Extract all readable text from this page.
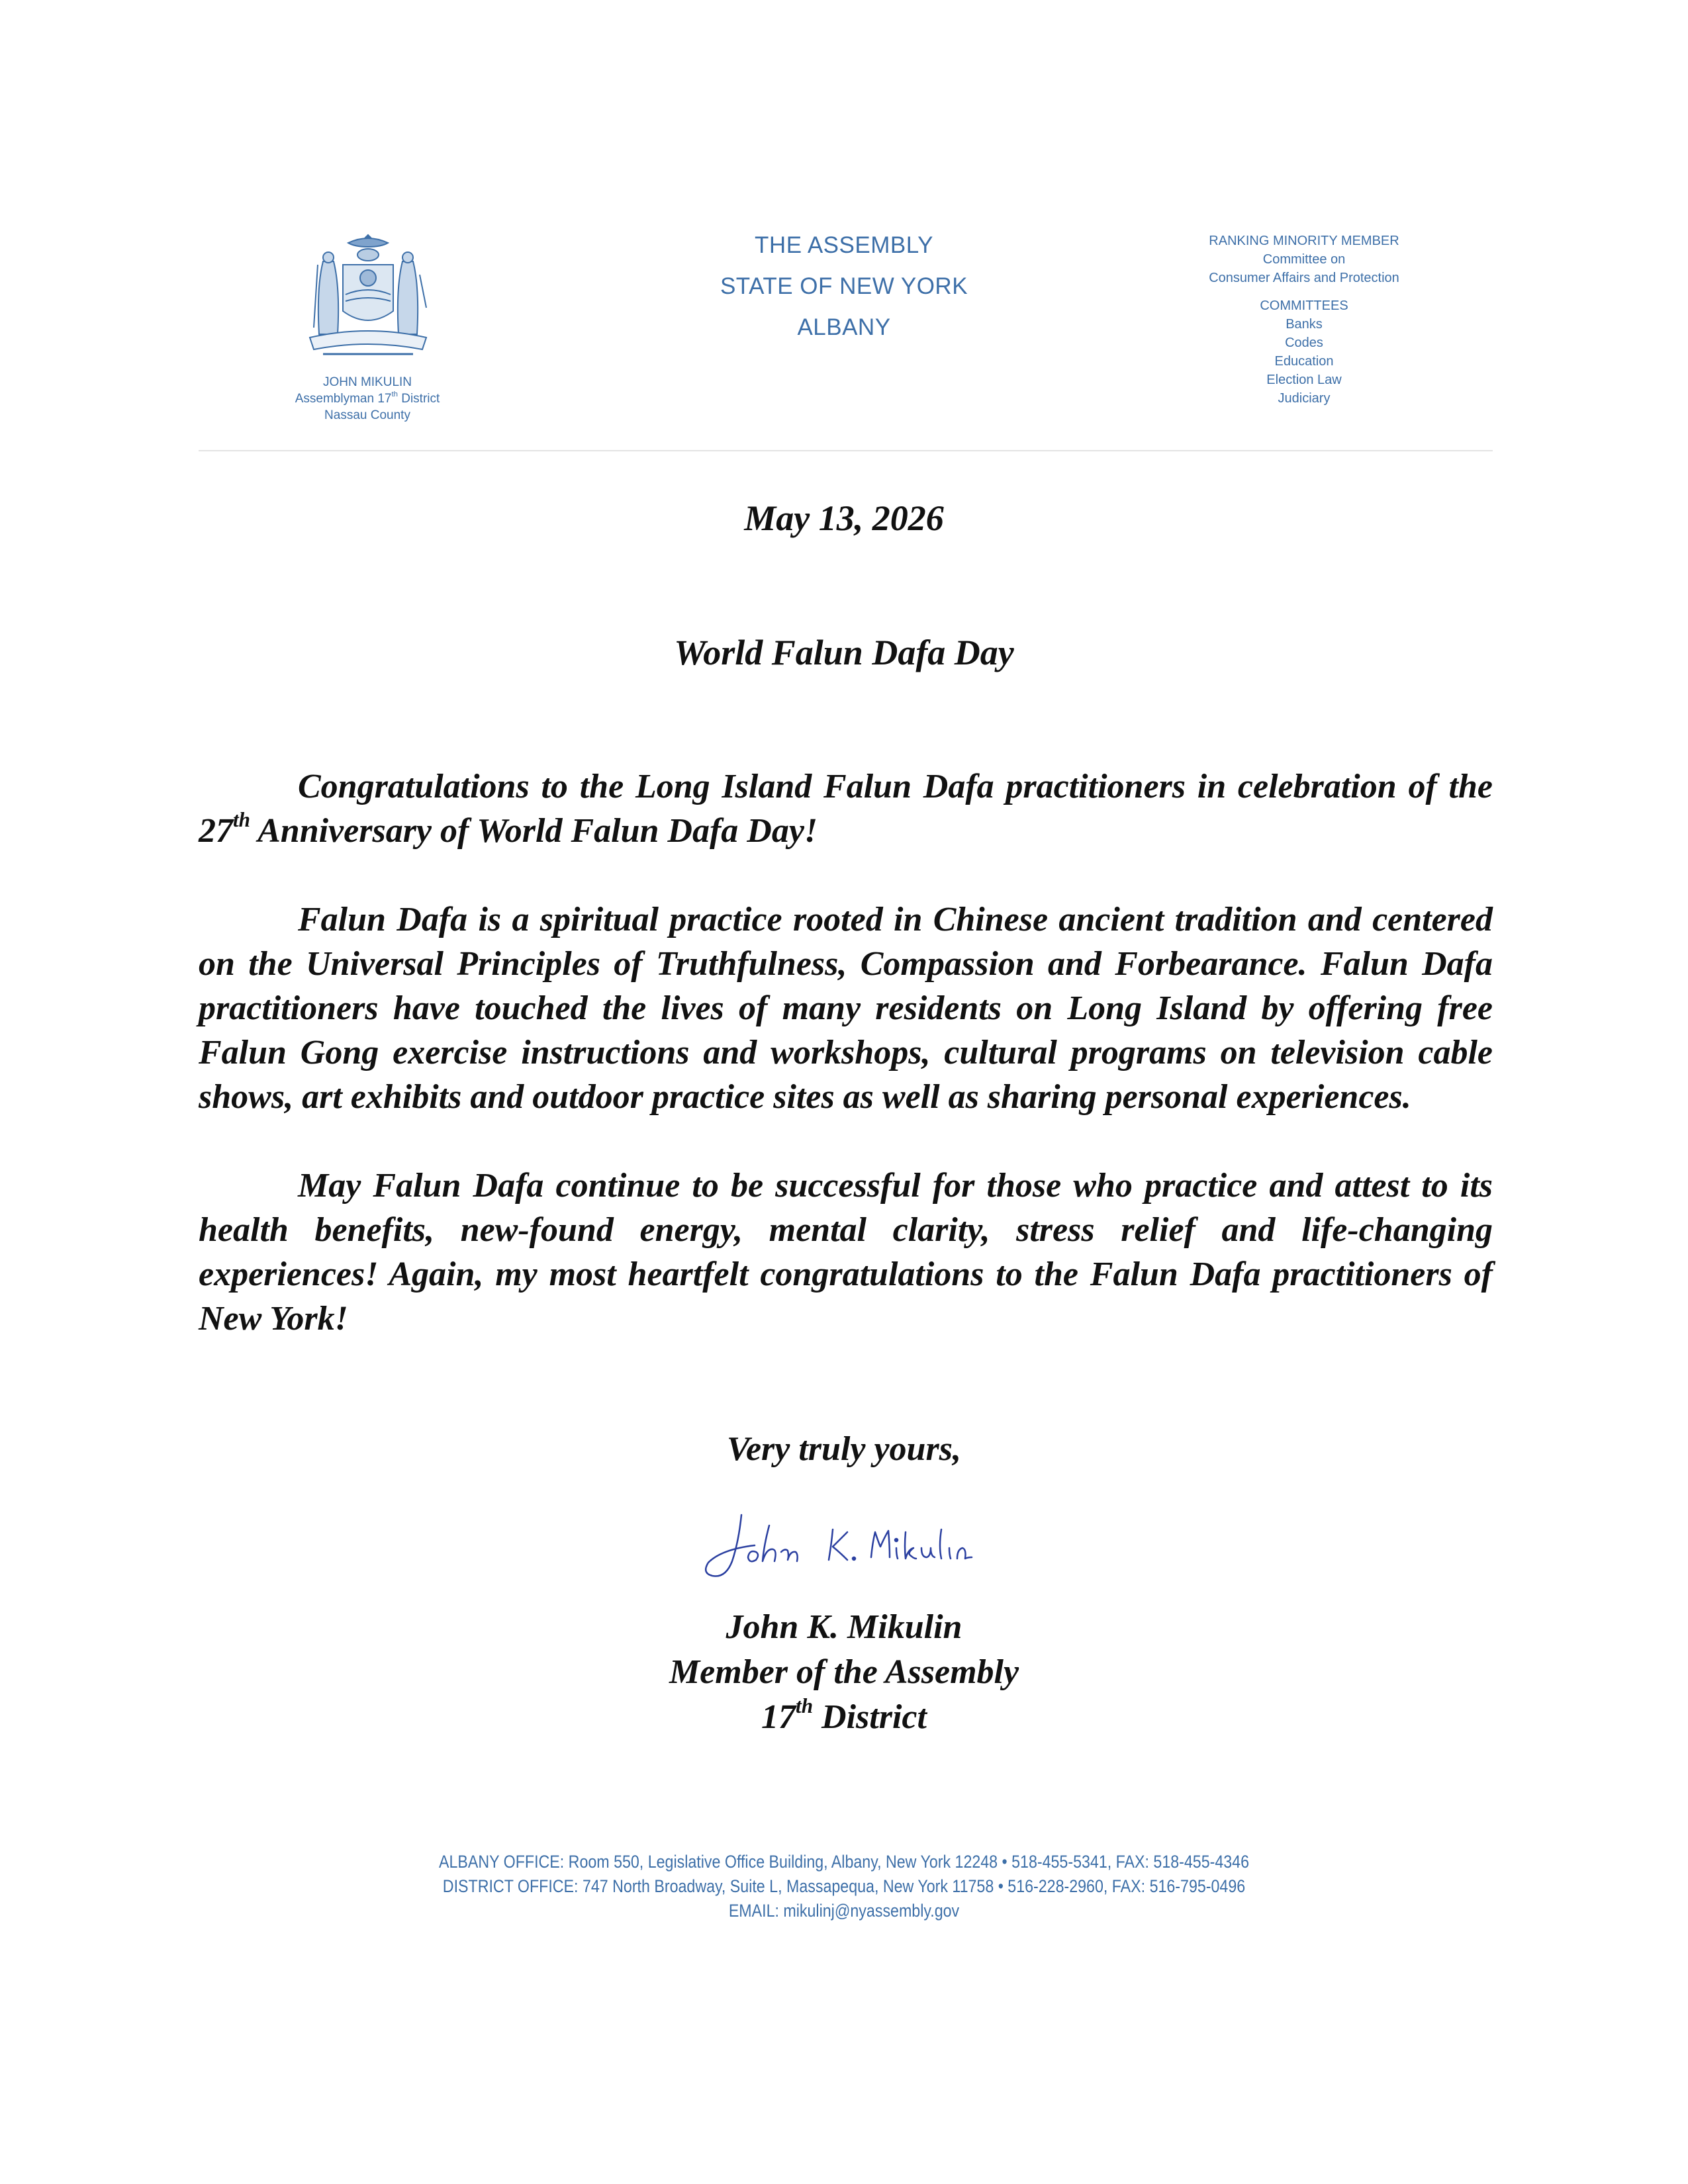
JOHN MIKULIN
Assemblyman 17th District
Nassau County
THE ASSEMBLY
STATE OF NEW YORK
ALBANY
RANKING MINORITY MEMBER
Committee on
Consumer Affairs and Protection
COMMITTEES
Banks
Codes
Education
Election Law
Judiciary
May 13, 2026
World Falun Dafa Day

Congratulations to the Long Island Falun Dafa practitioners in celebration of the 27th Anniversary of World Falun Dafa Day!

Falun Dafa is a spiritual practice rooted in Chinese ancient tradition and centered on the Universal Principles of Truthfulness, Compassion and Forbearance. Falun Dafa practitioners have touched the lives of many residents on Long Island by offering free Falun Gong exercise instructions and workshops, cultural programs on television cable shows, art exhibits and outdoor practice sites as well as sharing personal experiences.

May Falun Dafa continue to be successful for those who practice and attest to its health benefits, new-found energy, mental clarity, stress relief and life-changing experiences! Again, my most heartfelt congratulations to the Falun Dafa practitioners of New York!

Very truly yours,
John K. Mikulin
Member of the Assembly
17th District
ALBANY OFFICE: Room 550, Legislative Office Building, Albany, New York 12248 • 518-455-5341, FAX: 518-455-4346
DISTRICT OFFICE: 747 North Broadway, Suite L, Massapequa, New York 11758 • 516-228-2960, FAX: 516-795-0496
EMAIL: mikulinj@nyassembly.gov
